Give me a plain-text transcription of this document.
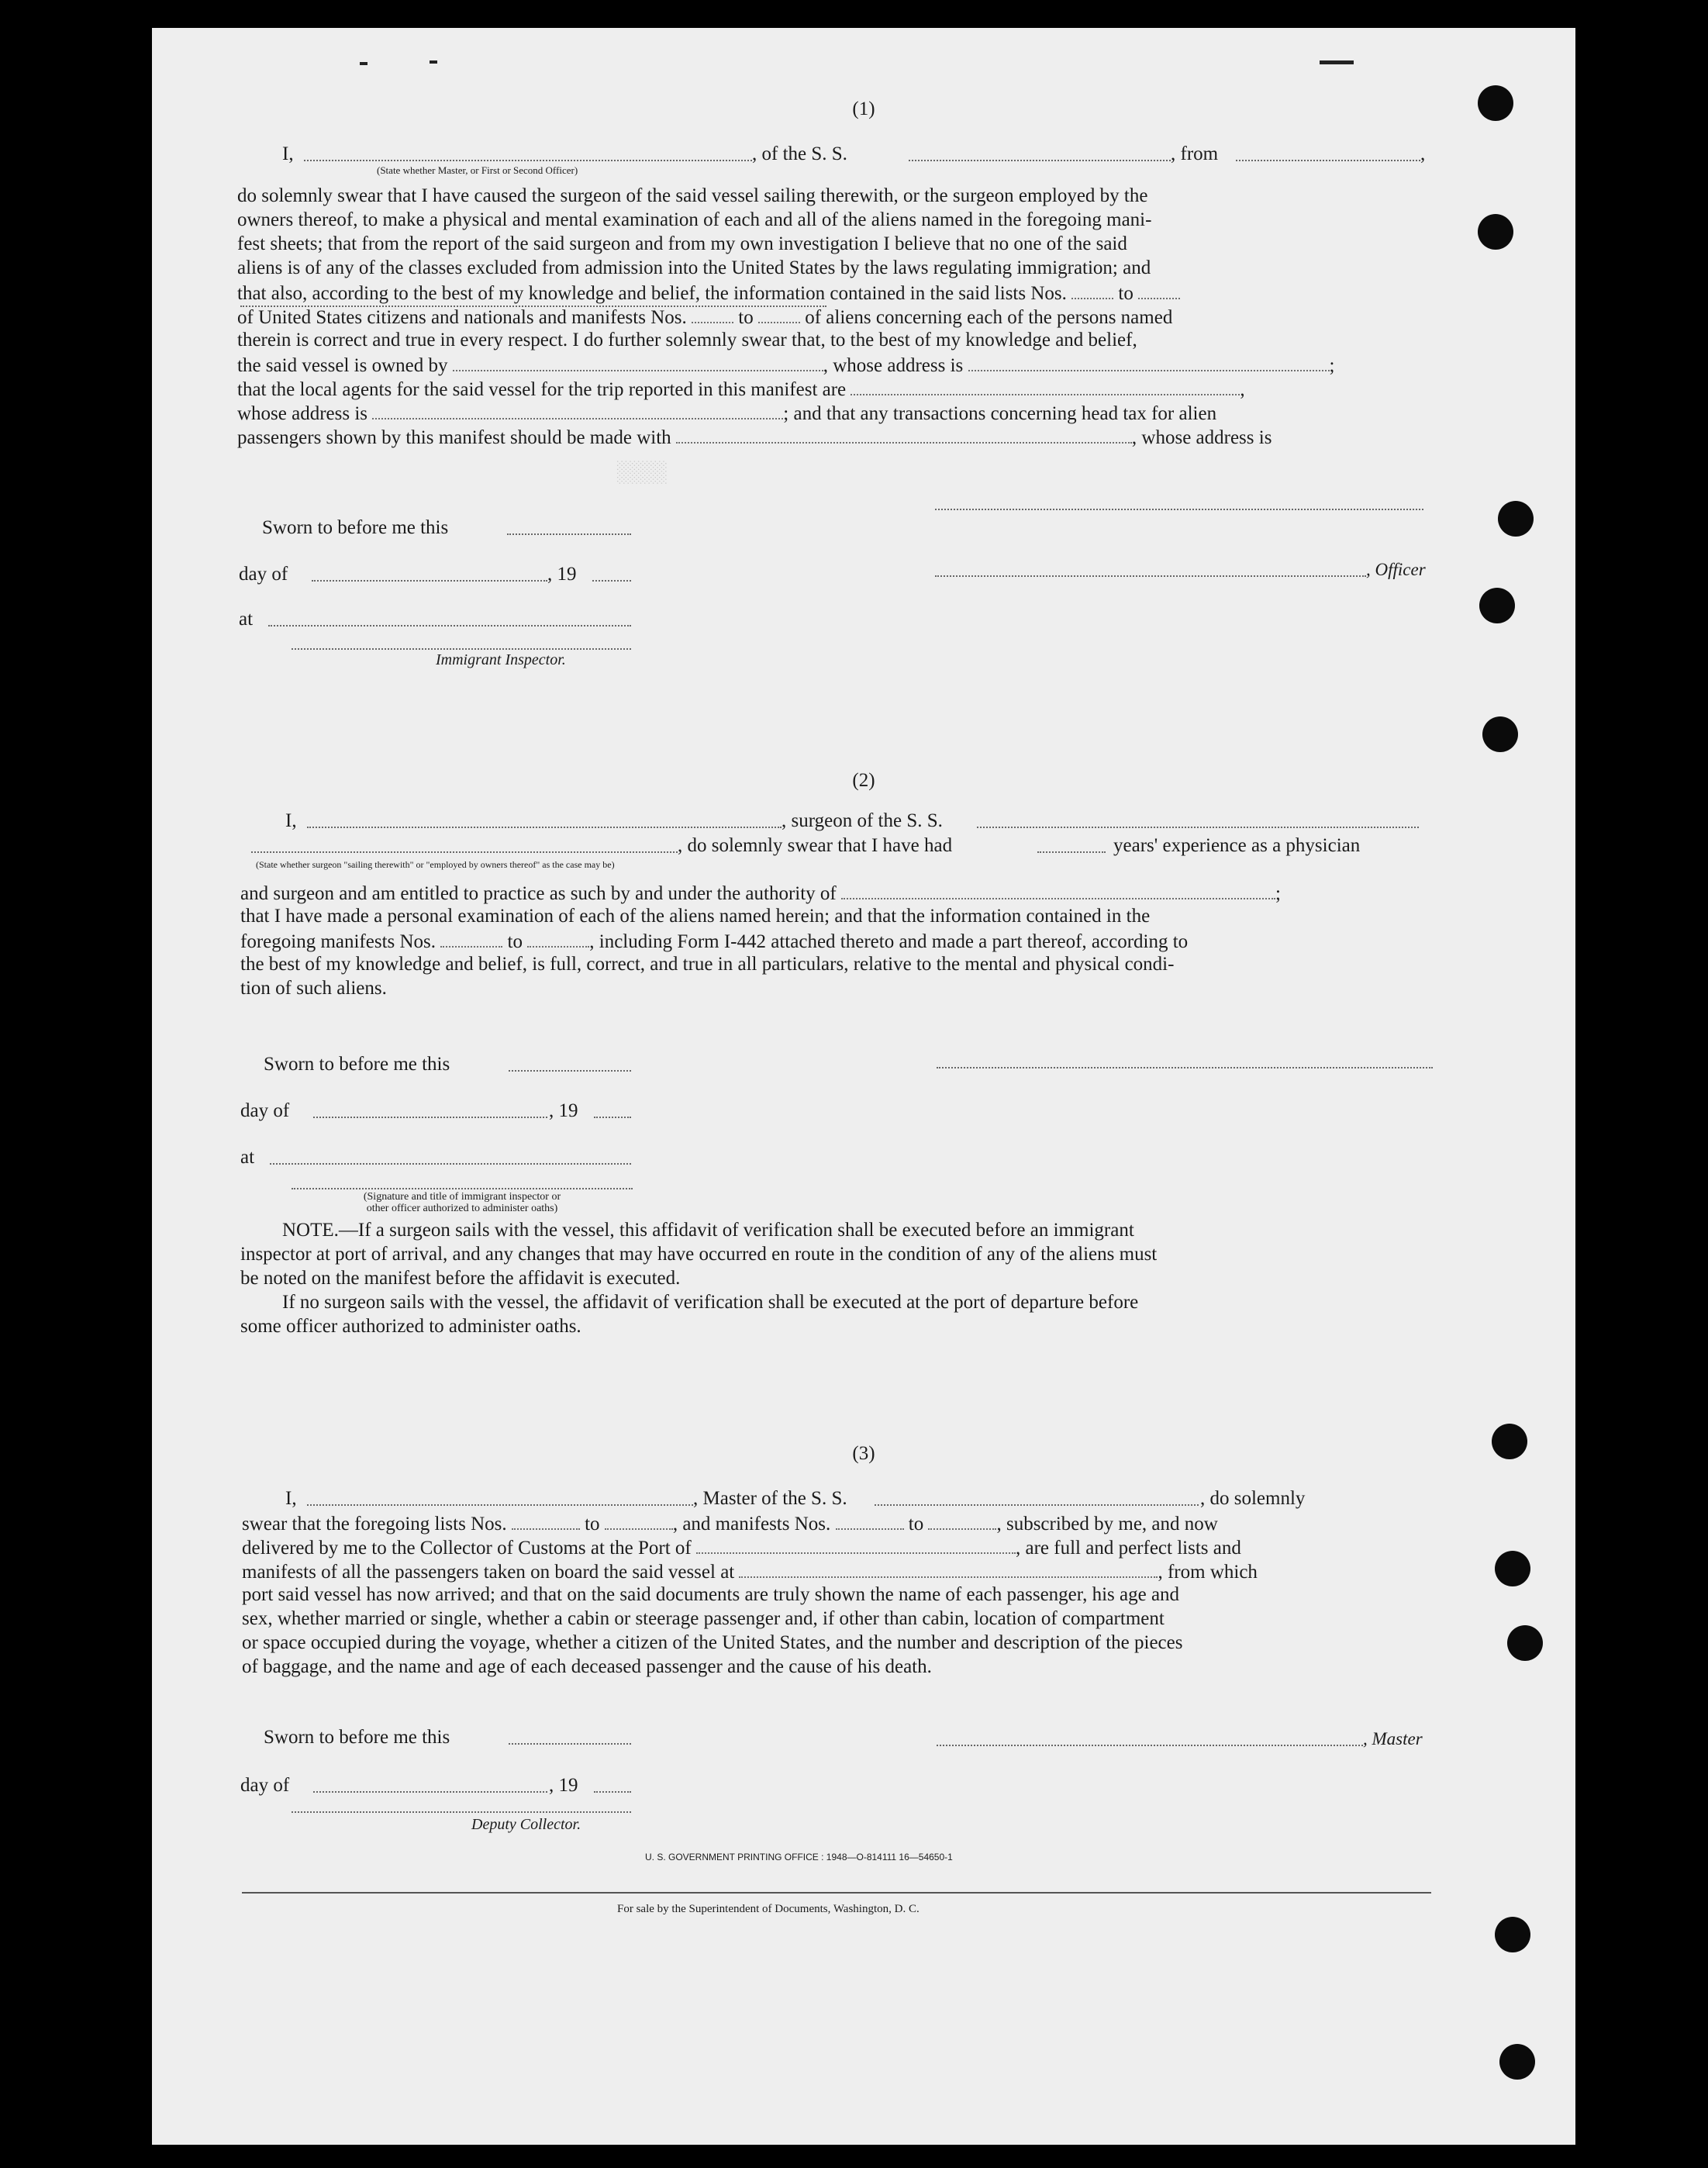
░░░░
(1)
I,	, of the S. S.	, from	,
(State whether Master, or First or Second Officer)
do solemnly swear that I have caused the surgeon of the said vessel sailing therewith, or the surgeon employed by the
owners thereof, to make a physical and mental examination of each and all of the aliens named in the foregoing mani-
fest sheets; that from the report of the said surgeon and from my own investigation I believe that no one of the said
aliens is of any of the classes excluded from admission into the United States by the laws regulating immigration; and
that also, according to the best of my knowledge and belief, the information contained in the said lists Nos.	to
of United States citizens and nationals and manifests Nos.	to	of aliens concerning each of the persons named
therein is correct and true in every respect. I do further solemnly swear that, to the best of my knowledge and belief,
the said vessel is owned by	, whose address is	;
that the local agents for the said vessel for the trip reported in this manifest are	,
whose address is	; and that any transactions concerning head tax for alien
passengers shown by this manifest should be made with	, whose address is
Sworn to before me this
day of	, 19	, Officer
at
Immigrant Inspector.
(2)
I,	, surgeon of the S. S.
, do solemnly swear that I have had	years' experience as a physician
(State whether surgeon "sailing therewith" or "employed by owners thereof" as the case may be)
and surgeon and am entitled to practice as such by and under the authority of	;
that I have made a personal examination of each of the aliens named herein; and that the information contained in the
foregoing manifests Nos.	to	, including Form I-442 attached thereto and made a part thereof, according to
the best of my knowledge and belief, is full, correct, and true in all particulars, relative to the mental and physical condi-
tion of such aliens.
Sworn to before me this
day of	, 19
at
(Signature and title of immigrant inspector or
other officer authorized to administer oaths)
NOTE.—If a surgeon sails with the vessel, this affidavit of verification shall be executed before an immigrant
inspector at port of arrival, and any changes that may have occurred en route in the condition of any of the aliens must
be noted on the manifest before the affidavit is executed.
If no surgeon sails with the vessel, the affidavit of verification shall be executed at the port of departure before
some officer authorized to administer oaths.
(3)
I,	, Master of the S. S.	, do solemnly
swear that the foregoing lists Nos.	to	, and manifests Nos.	to	, subscribed by me, and now
delivered by me to the Collector of Customs at the Port of	, are full and perfect lists and
manifests of all the passengers taken on board the said vessel at	, from which
port said vessel has now arrived; and that on the said documents are truly shown the name of each passenger, his age and
sex, whether married or single, whether a cabin or steerage passenger and, if other than cabin, location of compartment
or space occupied during the voyage, whether a citizen of the United States, and the number and description of the pieces
of baggage, and the name and age of each deceased passenger and the cause of his death.
Sworn to before me this	, Master
day of	, 19
Deputy Collector.
U. S. GOVERNMENT PRINTING OFFICE : 1948—O-814111 16—54650-1
For sale by the Superintendent of Documents, Washington, D. C.
